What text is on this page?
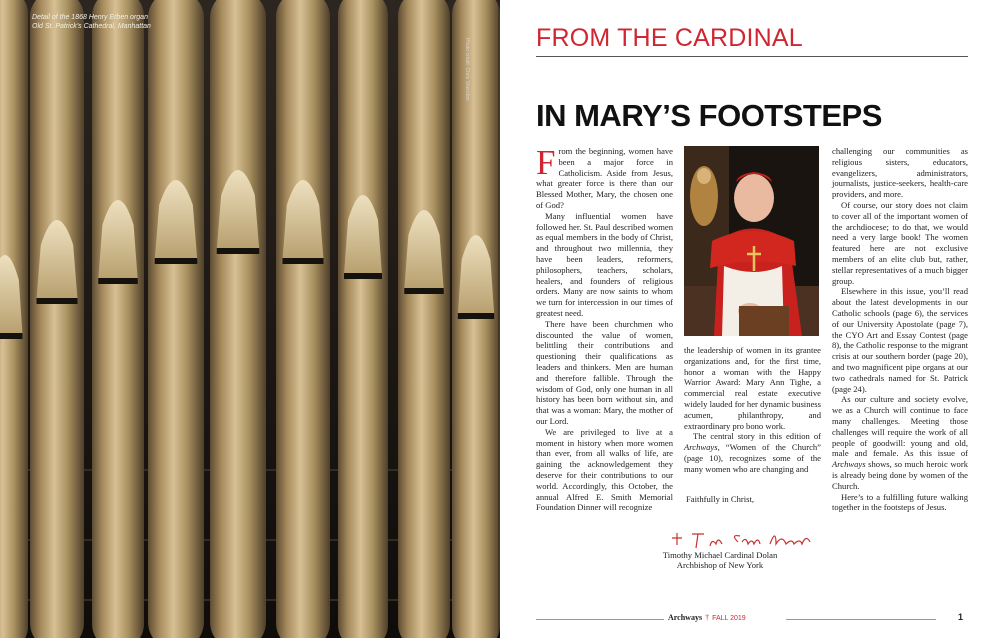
Detail of the 1868 Henry Erben organ
Old St. Patrick’s Cathedral, Manhattan
Photo credit: Chris Sheridan	FROM THE CARDINAL
IN MARY’S FOOTSTEPS

From the beginning, women have been a major force in Catholicism. Aside from Jesus, what greater force is there than our Blessed Mother, Mary, the chosen one of God?

Many influential women have followed her. St. Paul described women as equal members in the body of Christ, and throughout two millennia, they have been leaders, reformers, philosophers, teachers, scholars, healers, and founders of religious orders. Many are now saints to whom we turn for intercession in our times of greatest need.

There have been churchmen who discounted the value of women, belittling their contributions and questioning their qualifications as leaders and thinkers. Men are human and therefore fallible. Through the wisdom of God, only one human in all history has been born without sin, and that was a woman: Mary, the mother of our Lord.

We are privileged to live at a moment in history when more women than ever, from all walks of life, are gaining the acknowledgement they deserve for their contributions to our world. Accordingly, this October, the annual Alfred E. Smith Memorial Foundation Dinner will recognize

the leadership of women in its grantee organizations and, for the first time, honor a woman with the Happy Warrior Award: Mary Ann Tighe, a commercial real estate executive widely lauded for her dynamic business acumen, philanthropy, and extraordinary pro bono work.

The central story in this edition of Archways, “Women of the Church” (page 10), recognizes some of the many women who are changing and

challenging our communities as religious sisters, educators, evangelizers, administrators, journalists, justice-seekers, health-care providers, and more.

Of course, our story does not claim to cover all of the important women of the archdiocese; to do that, we would need a very large book! The women featured here are not exclusive members of an elite club but, rather, stellar representatives of a much bigger group.

Elsewhere in this issue, you’ll read about the latest developments in our Catholic schools (page 6), the services of our University Apostolate (page 7), the CYO Art and Essay Contest (page 8), the Catholic response to the migrant crisis at our southern border (page 20), and two magnificent pipe organs at our two cathedrals named for St. Patrick (page 24).

As our culture and society evolve, we as a Church will continue to face many challenges. Meeting those challenges will require the work of all people of goodwill: young and old, male and female. As this issue of Archways shows, so much heroic work is already being done by women of the Church.

Here’s to a fulfilling future walking together in the footsteps of Jesus.

Archways † FALL 2019	1
Faithfully in Christ,
Timothy Michael Cardinal Dolan
Archbishop of New York
